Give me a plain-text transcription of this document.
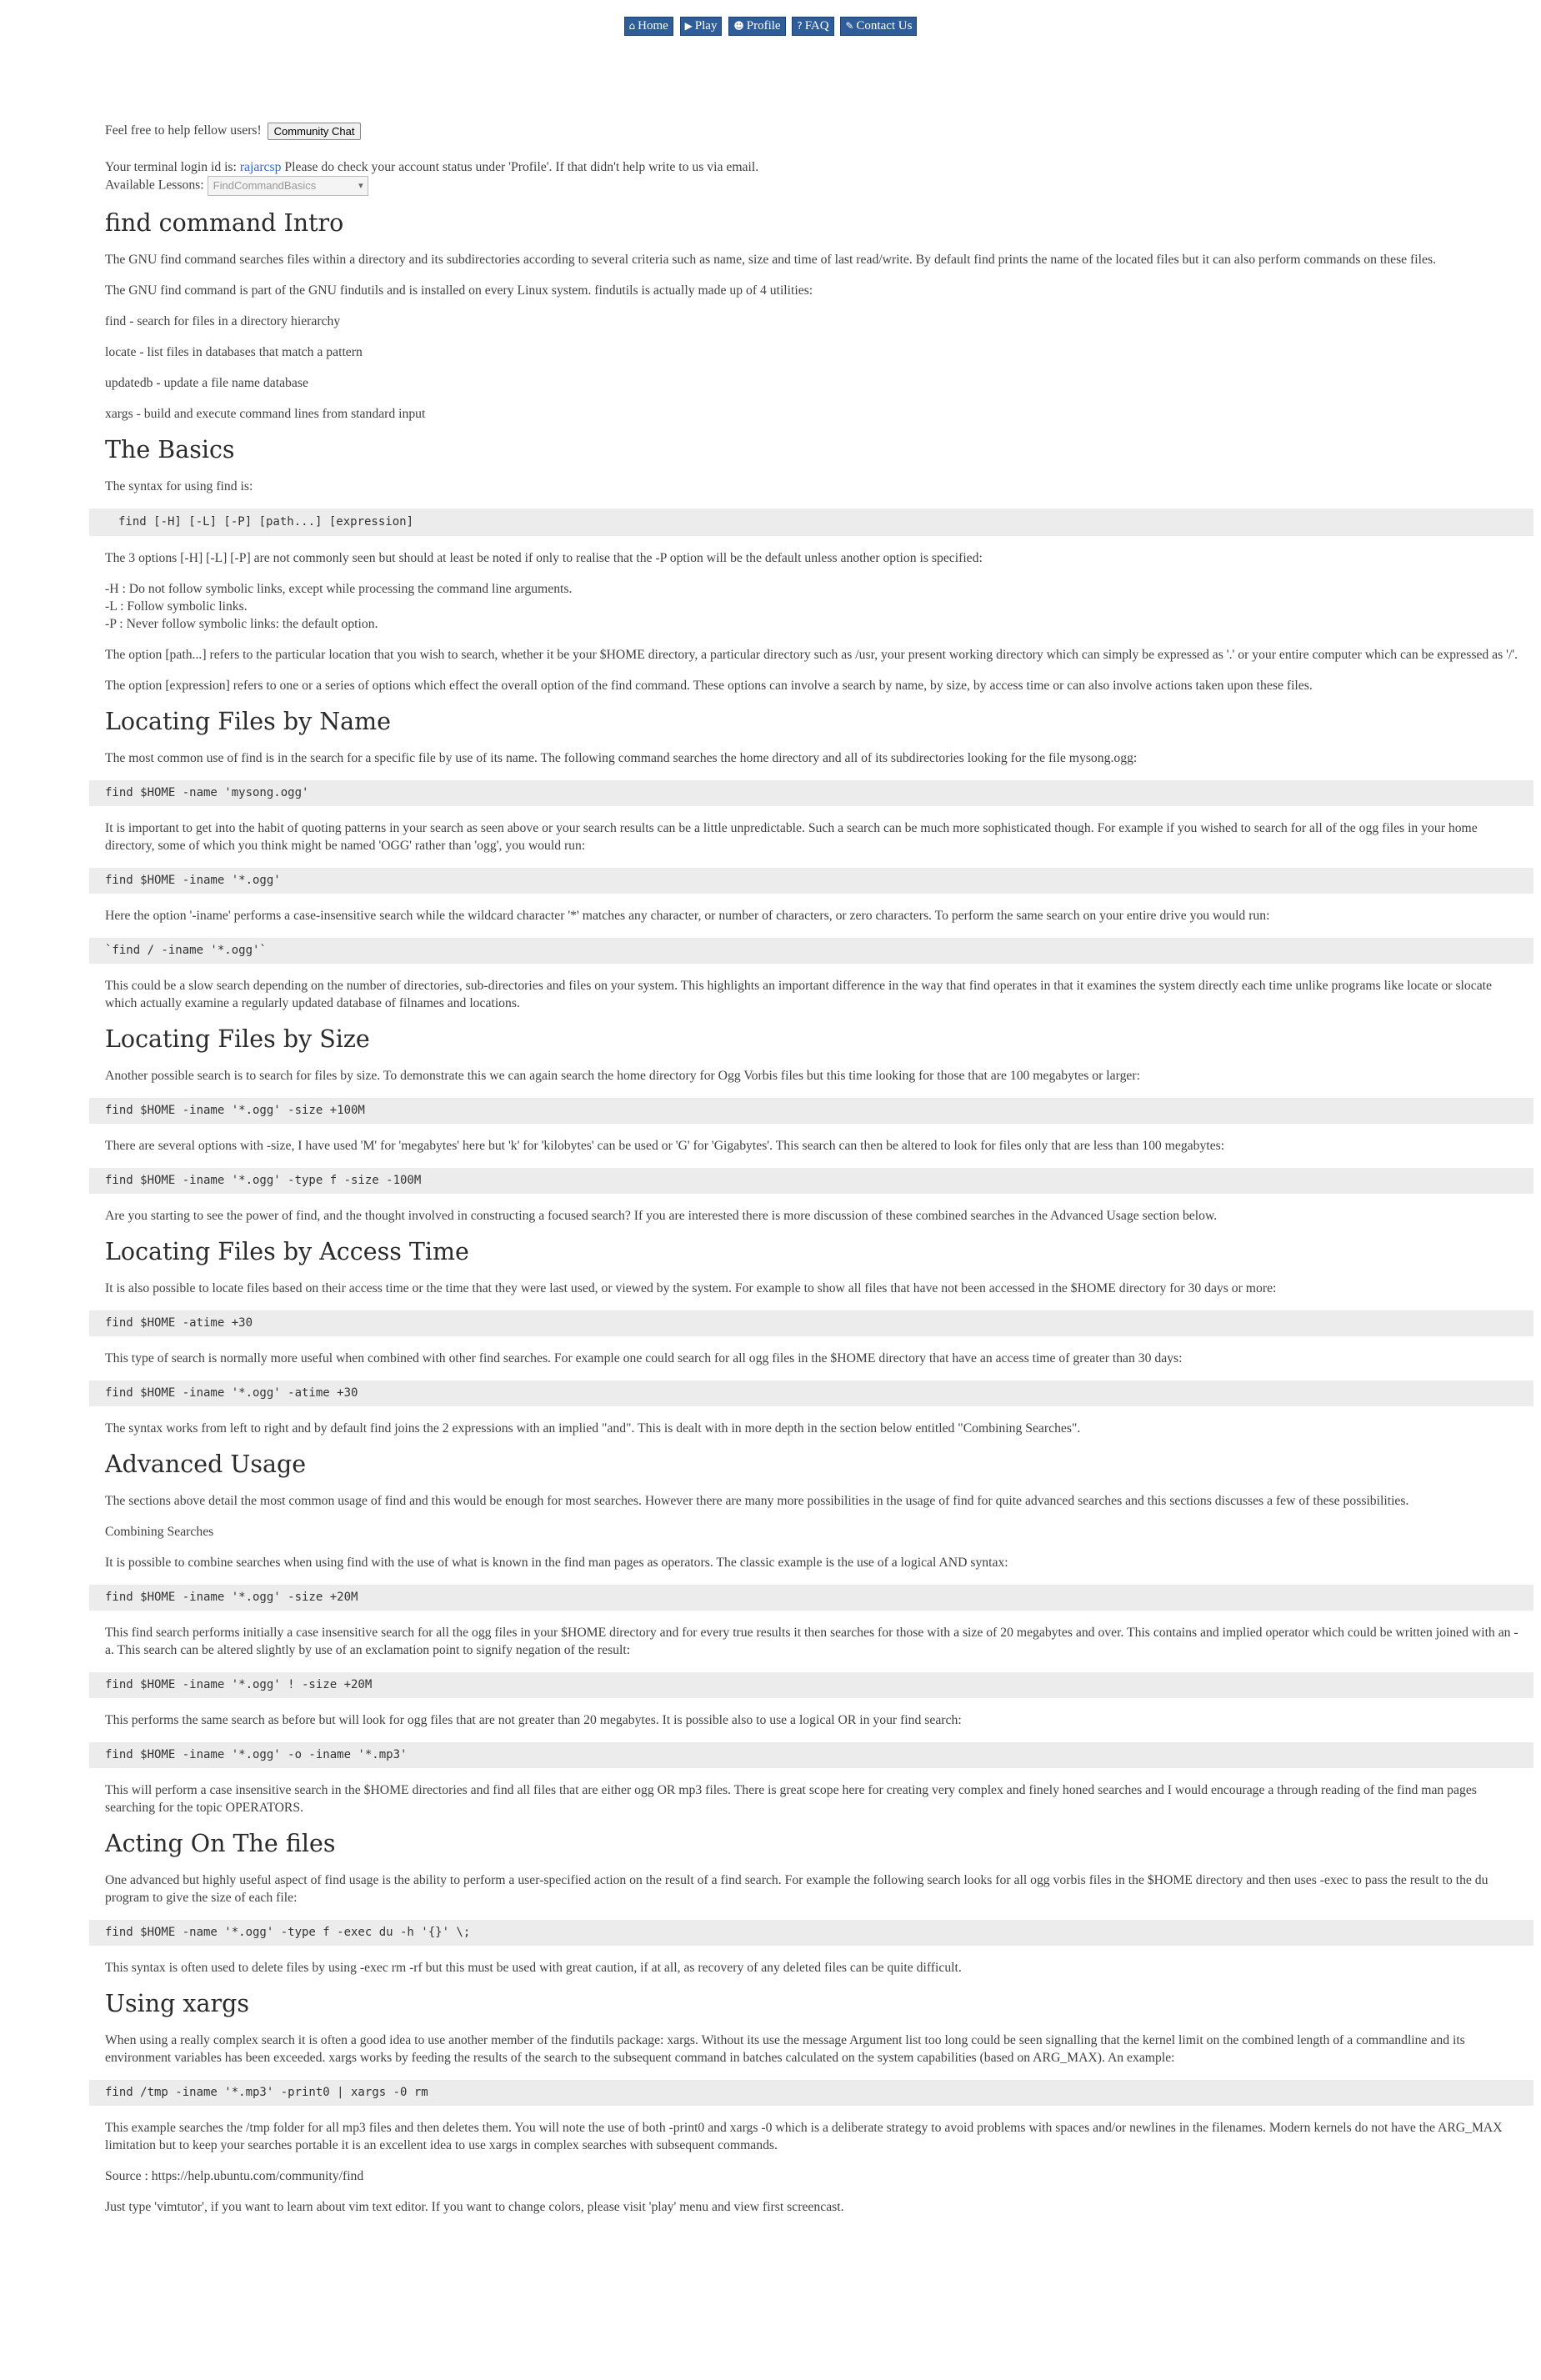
⌂ Home ▶ Play ☻ Profile ? FAQ ✎ Contact Us

Feel free to help fellow users! Community Chat

Your terminal login id is: rajarcsp Please do check your account status under 'Profile'. If that didn't help write to us via email.

Available Lessons: FindCommandBasics ▾

find command Intro

The GNU find command searches files within a directory and its subdirectories according to several criteria such as name, size and time of last read/write. By default find prints the name of the located files but it can also perform commands on these files.

The GNU find command is part of the GNU findutils and is installed on every Linux system. findutils is actually made up of 4 utilities:

find - search for files in a directory hierarchy

locate - list files in databases that match a pattern

updatedb - update a file name database

xargs - build and execute command lines from standard input

The Basics

The syntax for using find is:

find [-H] [-L] [-P] [path...] [expression]

The 3 options [-H] [-L] [-P] are not commonly seen but should at least be noted if only to realise that the -P option will be the default unless another option is specified:

-H : Do not follow symbolic links, except while processing the command line arguments.
-L : Follow symbolic links.
-P : Never follow symbolic links: the default option.

The option [path...] refers to the particular location that you wish to search, whether it be your $HOME directory, a particular directory such as /usr, your present working directory which can simply be expressed as '.' or your entire computer which can be expressed as '/'.

The option [expression] refers to one or a series of options which effect the overall option of the find command. These options can involve a search by name, by size, by access time or can also involve actions taken upon these files.

Locating Files by Name

The most common use of find is in the search for a specific file by use of its name. The following command searches the home directory and all of its subdirectories looking for the file mysong.ogg:

find $HOME -name 'mysong.ogg'

It is important to get into the habit of quoting patterns in your search as seen above or your search results can be a little unpredictable. Such a search can be much more sophisticated though. For example if you wished to search for all of the ogg files in your home directory, some of which you think might be named 'OGG' rather than 'ogg', you would run:

find $HOME -iname '*.ogg'

Here the option '-iname' performs a case-insensitive search while the wildcard character '*' matches any character, or number of characters, or zero characters. To perform the same search on your entire drive you would run:

`find / -iname '*.ogg'`

This could be a slow search depending on the number of directories, sub-directories and files on your system. This highlights an important difference in the way that find operates in that it examines the system directly each time unlike programs like locate or slocate which actually examine a regularly updated database of filnames and locations.

Locating Files by Size

Another possible search is to search for files by size. To demonstrate this we can again search the home directory for Ogg Vorbis files but this time looking for those that are 100 megabytes or larger:

find $HOME -iname '*.ogg' -size +100M

There are several options with -size, I have used 'M' for 'megabytes' here but 'k' for 'kilobytes' can be used or 'G' for 'Gigabytes'. This search can then be altered to look for files only that are less than 100 megabytes:

find $HOME -iname '*.ogg' -type f -size -100M

Are you starting to see the power of find, and the thought involved in constructing a focused search? If you are interested there is more discussion of these combined searches in the Advanced Usage section below.

Locating Files by Access Time

It is also possible to locate files based on their access time or the time that they were last used, or viewed by the system. For example to show all files that have not been accessed in the $HOME directory for 30 days or more:

find $HOME -atime +30

This type of search is normally more useful when combined with other find searches. For example one could search for all ogg files in the $HOME directory that have an access time of greater than 30 days:

find $HOME -iname '*.ogg' -atime +30

The syntax works from left to right and by default find joins the 2 expressions with an implied "and". This is dealt with in more depth in the section below entitled "Combining Searches".

Advanced Usage

The sections above detail the most common usage of find and this would be enough for most searches. However there are many more possibilities in the usage of find for quite advanced searches and this sections discusses a few of these possibilities.

Combining Searches

It is possible to combine searches when using find with the use of what is known in the find man pages as operators. The classic example is the use of a logical AND syntax:

find $HOME -iname '*.ogg' -size +20M

This find search performs initially a case insensitive search for all the ogg files in your $HOME directory and for every true results it then searches for those with a size of 20 megabytes and over. This contains and implied operator which could be written joined with an -a. This search can be altered slightly by use of an exclamation point to signify negation of the result:

find $HOME -iname '*.ogg' ! -size +20M

This performs the same search as before but will look for ogg files that are not greater than 20 megabytes. It is possible also to use a logical OR in your find search:

find $HOME -iname '*.ogg' -o -iname '*.mp3'

This will perform a case insensitive search in the $HOME directories and find all files that are either ogg OR mp3 files. There is great scope here for creating very complex and finely honed searches and I would encourage a through reading of the find man pages searching for the topic OPERATORS.

Acting On The files

One advanced but highly useful aspect of find usage is the ability to perform a user-specified action on the result of a find search. For example the following search looks for all ogg vorbis files in the $HOME directory and then uses -exec to pass the result to the du program to give the size of each file:

find $HOME -name '*.ogg' -type f -exec du -h '{}' \;

This syntax is often used to delete files by using -exec rm -rf but this must be used with great caution, if at all, as recovery of any deleted files can be quite difficult.

Using xargs

When using a really complex search it is often a good idea to use another member of the findutils package: xargs. Without its use the message Argument list too long could be seen signalling that the kernel limit on the combined length of a commandline and its environment variables has been exceeded. xargs works by feeding the results of the search to the subsequent command in batches calculated on the system capabilities (based on ARG_MAX). An example:

find /tmp -iname '*.mp3' -print0 | xargs -0 rm

This example searches the /tmp folder for all mp3 files and then deletes them. You will note the use of both -print0 and xargs -0 which is a deliberate strategy to avoid problems with spaces and/or newlines in the filenames. Modern kernels do not have the ARG_MAX limitation but to keep your searches portable it is an excellent idea to use xargs in complex searches with subsequent commands.

Source : https://help.ubuntu.com/community/find

Just type 'vimtutor', if you want to learn about vim text editor. If you want to change colors, please visit 'play' menu and view first screencast.
